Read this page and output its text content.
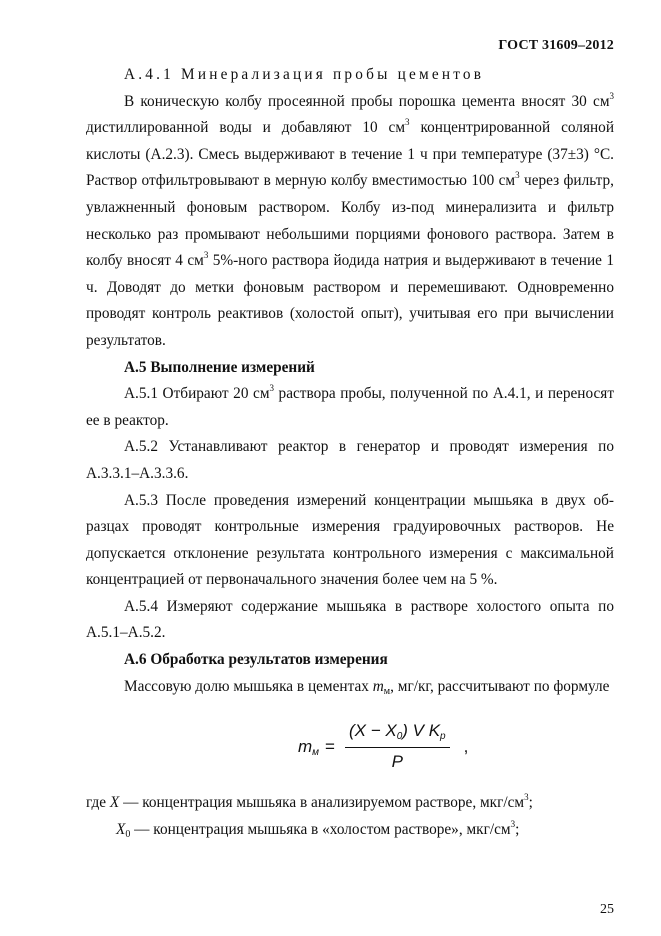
ГОСТ 31609–2012

А.4.1 Минерализация пробы цементов

В коническую колбу просеянной пробы порошка цемента вносят 30 $см^3$ дистиллированной воды и добавляют 10 $см^3$ концентрированной соляной кислоты (А.2.3). Смесь выдерживают в течение 1 ч при температуре (37±3) °С. Раствор отфильтровывают в мерную колбу вместимостью 100 $см^3$ через фильтр, увлажненный фоновым раствором. Колбу из-под минерализита и фильтр несколько раз промывают небольшими порциями фонового раствора. Затем в колбу вносят 4 $см^3$ 5%-ного раствора йодида натрия и выдерживают в течение 1 ч. Доводят до метки фоновым раствором и перемешивают. Одновременно проводят контроль реактивов (холостой опыт), учитывая его при вычислении результатов.

А.5 Выполнение измерений

А.5.1 Отбирают 20 $см^3$ раствора пробы, полученной по А.4.1, и переносят ее в реактор.

А.5.2 Устанавливают реактор в генератор и проводят измерения по А.3.3.1–А.3.3.6.

А.5.3 После проведения измерений концентрации мышьяка в двух об-разцах проводят контрольные измерения градуировочных растворов. Не допускается отклонение результата контрольного измерения с максимальной концентрацией от первоначального значения более чем на 5 %.

А.5.4 Измеряют содержание мышьяка в растворе холостого опыта по А.5.1–А.5.2.

А.6 Обработка результатов измерения

Массовую долю мышьяка в цементах $m_м$, мг/кг, рассчитывают по формуле

$m_м = \frac{(X - X_0) V K_р}{P}$ ,

где X — концентрация мышьяка в анализируемом растворе, мкг/$см^3$;

$X_0$ — концентрация мышьяка в «холостом растворе», мкг/$см^3$;

25
